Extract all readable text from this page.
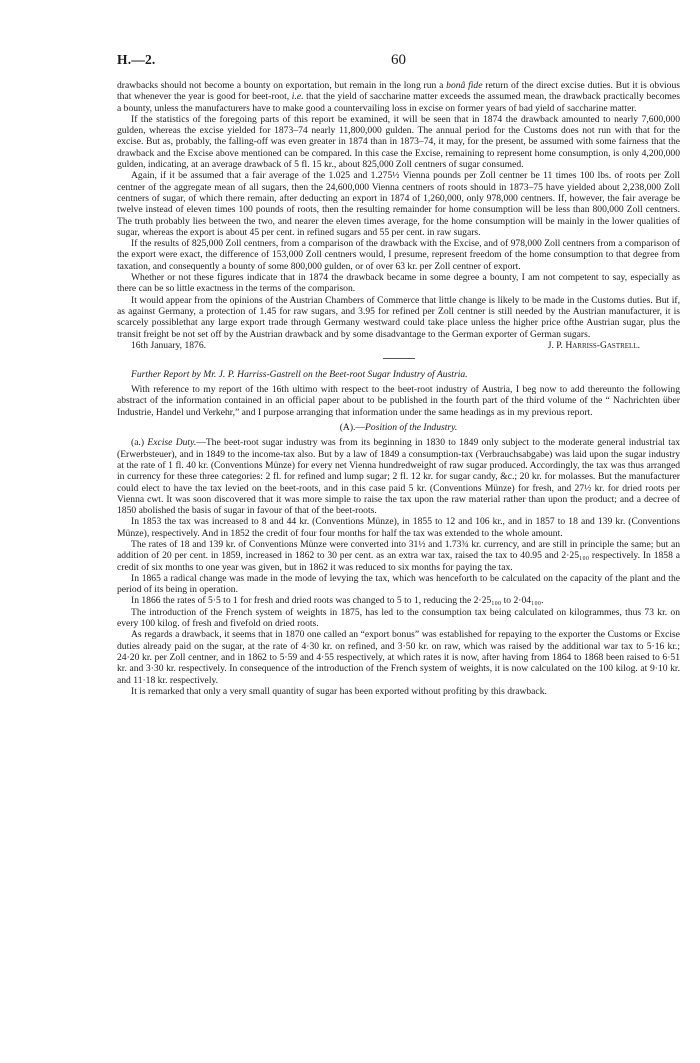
H.—2.	60

drawbacks should not become a bounty on exportation, but remain in the long run a bonâ fide return of the direct excise duties. But it is obvious that whenever the year is good for beet-root, i.e. that the yield of saccharine matter exceeds the assumed mean, the drawback practically becomes a bounty, unless the manufacturers have to make good a countervailing loss in excise on former years of bad yield of saccharine matter.

If the statistics of the foregoing parts of this report be examined, it will be seen that in 1874 the drawback amounted to nearly 7,600,000 gulden, whereas the excise yielded for 1873–74 nearly 11,800,000 gulden. The annual period for the Customs does not run with that for the excise. But as, probably, the falling-off was even greater in 1874 than in 1873–74, it may, for the present, be assumed with some fairness that the drawback and the Excise above mentioned can be compared. In this case the Excise, remaining to represent home consumption, is only 4,200,000 gulden, indicating, at an average drawback of 5 fl. 15 kr., about 825,000 Zoll centners of sugar consumed.

Again, if it be assumed that a fair average of the 1.025 and 1.275½ Vienna pounds per Zoll centner be 11 times 100 lbs. of roots per Zoll centner of the aggregate mean of all sugars, then the 24,600,000 Vienna centners of roots should in 1873–75 have yielded about 2,238,000 Zoll centners of sugar, of which there remain, after deducting an export in 1874 of 1,260,000, only 978,000 centners. If, however, the fair average be twelve instead of eleven times 100 pounds of roots, then the resulting remainder for home consumption will be less than 800,000 Zoll centners. The truth probably lies between the two, and nearer the eleven times average, for the home consumption will be mainly in the lower qualities of sugar, whereas the export is about 45 per cent. in refined sugars and 55 per cent. in raw sugars.

If the results of 825,000 Zoll centners, from a comparison of the drawback with the Excise, and of 978,000 Zoll centners from a comparison of the export were exact, the difference of 153,000 Zoll centners would, I presume, represent freedom of the home consumption to that degree from taxation, and consequently a bounty of some 800,000 gulden, or of over 63 kr. per Zoll centner of export.

Whether or not these figures indicate that in 1874 the drawback became in some degree a bounty, I am not competent to say, especially as there can be so little exactness in the terms of the comparison.

It would appear from the opinions of the Austrian Chambers of Commerce that little change is likely to be made in the Customs duties. But if, as against Germany, a protection of 1.45 for raw sugars, and 3.95 for refined per Zoll centner is still needed by the Austrian manufacturer, it is scarcely possiblethat any large export trade through Germany westward could take place unless the higher price ofthe Austrian sugar, plus the transit freight be not set off by the Austrian drawback and by some disadvantage to the German exporter of German sugars.

16th January, 1876.	J. P. Harriss-Gastrell.

Further Report by Mr. J. P. Harriss-Gastrell on the Beet-root Sugar Industry of Austria.

With reference to my report of the 16th ultimo with respect to the beet-root industry of Austria, I beg now to add thereunto the following abstract of the information contained in an official paper about to be published in the fourth part of the third volume of the “ Nachrichten über Industrie, Handel und Verkehr,” and I purpose arranging that information under the same headings as in my previous report.

(A).—Position of the Industry.

(a.) Excise Duty.—The beet-root sugar industry was from its beginning in 1830 to 1849 only subject to the moderate general industrial tax (Erwerbsteuer), and in 1849 to the income-tax also. But by a law of 1849 a consumption-tax (Verbrauchsabgabe) was laid upon the sugar industry at the rate of 1 fl. 40 kr. (Conventions Münze) for every net Vienna hundredweight of raw sugar produced. Accordingly, the tax was thus arranged in currency for these three categories: 2 fl. for refined and lump sugar; 2 fl. 12 kr. for sugar candy, &c.; 20 kr. for molasses. But the manufacturer could elect to have the tax levied on the beet-roots, and in this case paid 5 kr. (Conventions Münze) for fresh, and 27½ kr. for dried roots per Vienna cwt. It was soon discovered that it was more simple to raise the tax upon the raw material rather than upon the product; and a decree of 1850 abolished the basis of sugar in favour of that of the beet-roots.

In 1853 the tax was increased to 8 and 44 kr. (Conventions Münze), in 1855 to 12 and 106 kr., and in 1857 to 18 and 139 kr. (Conventions Münze), respectively. And in 1852 the credit of four four months for half the tax was extended to the whole amount.

The rates of 18 and 139 kr. of Conventions Münze were converted into 31½ and 1.73¾ kr. currency, and are still in principle the same; but an addition of 20 per cent. in 1859, increased in 1862 to 30 per cent. as an extra war tax, raised the tax to 40.95 and 2·25₁₀₀ respectively. In 1858 a credit of six months to one year was given, but in 1862 it was reduced to six months for paying the tax.

In 1865 a radical change was made in the mode of levying the tax, which was henceforth to be calculated on the capacity of the plant and the period of its being in operation.

In 1866 the rates of 5·5 to 1 for fresh and dried roots was changed to 5 to 1, reducing the 2·25₁₀₀ to 2·04₁₀₀.

The introduction of the French system of weights in 1875, has led to the consumption tax being calculated on kilogrammes, thus 73 kr. on every 100 kilog. of fresh and fivefold on dried roots.

As regards a drawback, it seems that in 1870 one called an “export bonus” was established for repaying to the exporter the Customs or Excise duties already paid on the sugar, at the rate of 4·30 kr. on refined, and 3·50 kr. on raw, which was raised by the additional war tax to 5·16 kr.; 24·20 kr. per Zoll centner, and in 1862 to 5·59 and 4·55 respectively, at which rates it is now, after having from 1864 to 1868 been raised to 6·51 kr. and 3·30 kr. respectively. In consequence of the introduction of the French system of weights, it is now calculated on the 100 kilog. at 9·10 kr. and 11·18 kr. respectively.

It is remarked that only a very small quantity of sugar has been exported without profiting by this drawback.
